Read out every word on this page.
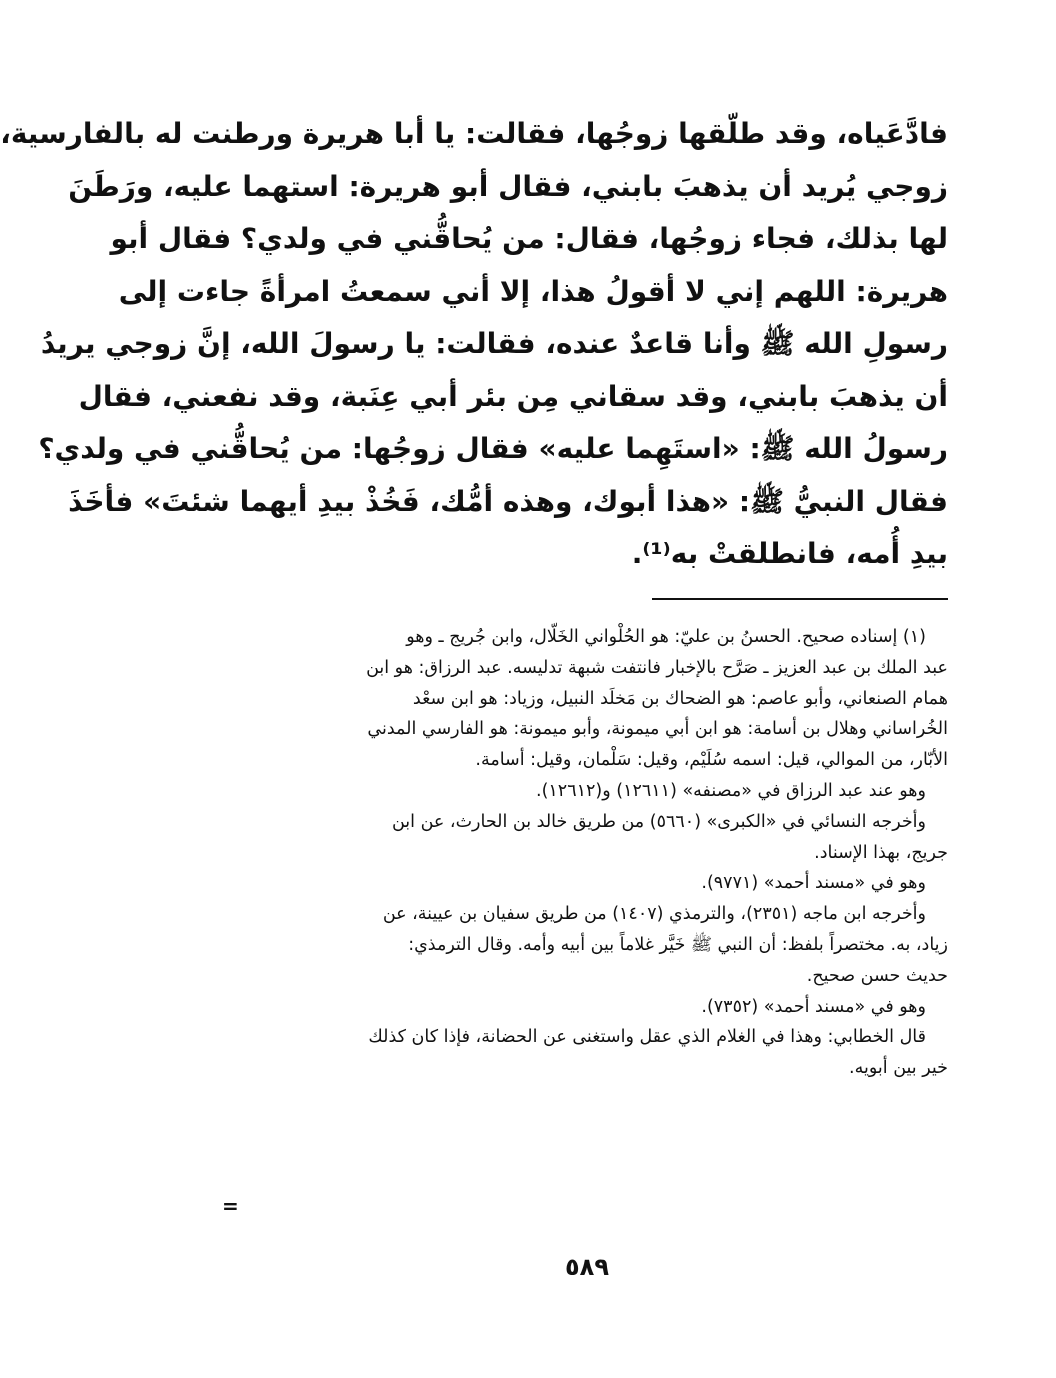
فادَّعَياه، وقد طلّقها زوجُها، فقالت: يا أبا هريرة ورطنت له بالفارسية،
زوجي يُريد أن يذهبَ بابني، فقال أبو هريرة: استهما عليه، ورَطَنَ
لها بذلك، فجاء زوجُها، فقال: من يُحاقُّني في ولدي؟ فقال أبو
هريرة: اللهم إني لا أقولُ هذا، إلا أني سمعتُ امرأةً جاءت إلى
رسولِ الله ﷺ وأنا قاعدٌ عنده، فقالت: يا رسولَ الله، إنَّ زوجي يريدُ
أن يذهبَ بابني، وقد سقاني مِن بئر أبي عِنَبة، وقد نفعني، فقال
رسولُ الله ﷺ: «استَهِما عليه» فقال زوجُها: من يُحاقُّني في ولدي؟
فقال النبيُّ ﷺ: «هذا أبوك، وهذه أمُّك، فَخُذْ بيدِ أيهما شئتَ» فأخَذَ
بيدِ أُمه، فانطلقتْ به⁽¹⁾.
(١) إسناده صحيح. الحسنُ بن عليّ: هو الحُلْواني الخَلّال، وابن جُريج ـ وهو
عبد الملك بن عبد العزيز ـ صَرَّح بالإخبار فانتفت شبهة تدليسه. عبد الرزاق: هو ابن
همام الصنعاني، وأبو عاصم: هو الضحاك بن مَخلَد النبيل، وزياد: هو ابن سعْد
الخُراساني وهلال بن أسامة: هو ابن أبي ميمونة، وأبو ميمونة: هو الفارسي المدني
الأبّار، من الموالي، قيل: اسمه سُلَيْم، وقيل: سَلْمان، وقيل: أسامة.
وهو عند عبد الرزاق في «مصنفه» (١٢٦١١) و(١٢٦١٢).
وأخرجه النسائي في «الكبرى» (٥٦٦٠) من طريق خالد بن الحارث، عن ابن
جريج، بهذا الإسناد.
وهو في «مسند أحمد» (٩٧٧١).
وأخرجه ابن ماجه (٢٣٥١)، والترمذي (١٤٠٧) من طريق سفيان بن عيينة، عن
زياد، به. مختصراً بلفظ: أن النبي ﷺ خَيَّر غلاماً بين أبيه وأمه. وقال الترمذي:
حديث حسن صحيح.
وهو في «مسند أحمد» (٧٣٥٢).
قال الخطابي: وهذا في الغلام الذي عقل واستغنى عن الحضانة، فإذا كان كذلك
خير بين أبويه.
=
٥٨٩
